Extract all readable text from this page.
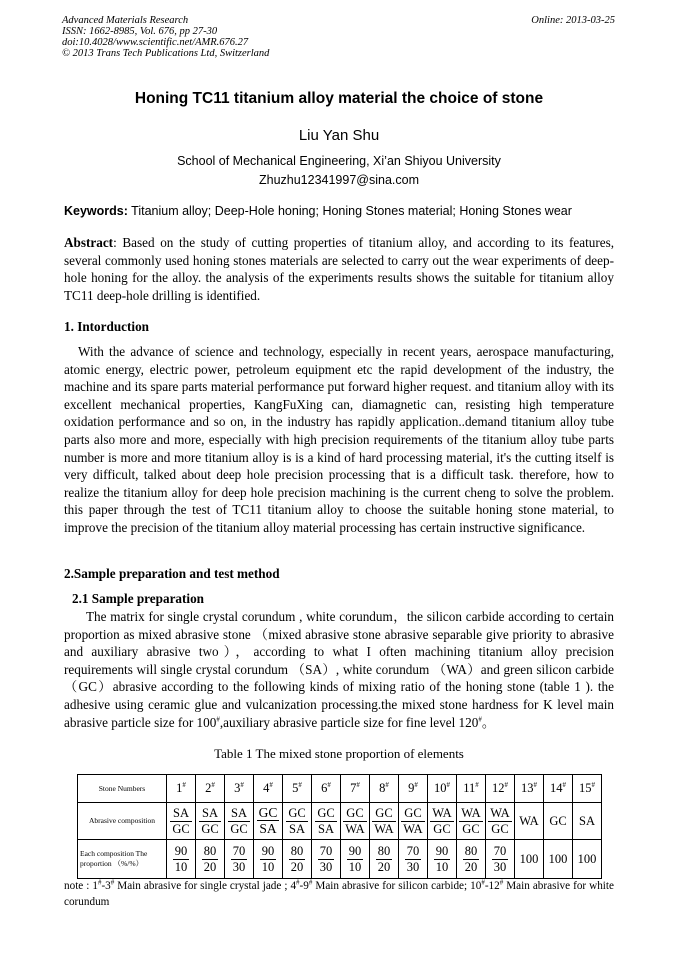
Advanced Materials Research
ISSN: 1662-8985, Vol. 676, pp 27-30
doi:10.4028/www.scientific.net/AMR.676.27
© 2013 Trans Tech Publications Ltd, Switzerland
Online: 2013-03-25
Honing TC11 titanium alloy material the choice of stone
Liu Yan Shu
School of Mechanical Engineering, Xi’an Shiyou University
Zhuzhu12341997@sina.com
Keywords: Titanium alloy; Deep-Hole honing; Honing Stones material; Honing Stones wear
Abstract: Based on the study of cutting properties of titanium alloy, and according to its features, several commonly used honing stones materials are selected to carry out the wear experiments of deep-hole honing for the alloy. the analysis of the experiments results shows the suitable for titanium alloy TC11 deep-hole drilling is identified.
1. Intorduction
With the advance of science and technology, especially in recent years, aerospace manufacturing, atomic energy, electric power, petroleum equipment etc the rapid development of the industry, the machine and its spare parts material performance put forward higher request. and titanium alloy with its excellent mechanical properties, KangFuXing can, diamagnetic can, resisting high temperature oxidation performance and so on, in the industry has rapidly application..demand titanium alloy tube parts also more and more, especially with high precision requirements of the titanium alloy tube parts number is more and more titanium alloy is is a kind of hard processing material, it's the cutting itself is very difficult, talked about deep hole precision processing that is a difficult task. therefore, how to realize the titanium alloy for deep hole precision machining is the current cheng to solve the problem. this paper through the test of TC11 titanium alloy to choose the suitable honing stone material, to improve the precision of the titanium alloy material processing has certain instructive significance.
2.Sample preparation and test method
2.1 Sample preparation
The matrix for single crystal corundum , white corundum，the silicon carbide according to certain proportion as mixed abrasive stone （mixed abrasive stone abrasive separable give priority to abrasive and auxiliary abrasive two），according to what I often machining titanium alloy precision requirements will single crystal corundum （SA）, white corundum （WA）and green silicon carbide（GC）abrasive according to the following kinds of mixing ratio of the honing stone (table 1 ). the adhesive using ceramic glue and vulcanization processing.the mixed stone hardness for K level main abrasive particle size for 100#,auxiliary abrasive particle size for fine level 120#。
Table 1 The mixed stone proportion of elements
Stone Numbers	1#	2#	3#	4#	5#	6#	7#	8#	9#	10#	11#	12#	13#	14#	15#
Abrasive composition	$\frac{SA}{GC}$	$\frac{SA}{GC}$	$\frac{SA}{GC}$	$\frac{GC}{SA}$	$\frac{GC}{SA}$	$\frac{GC}{SA}$	$\frac{GC}{WA}$	$\frac{GC}{WA}$	$\frac{GC}{WA}$	$\frac{WA}{GC}$	$\frac{WA}{GC}$	$\frac{WA}{GC}$	WA	GC	SA
Each composition The
proportion （%/%）	$\frac{90}{10}$	$\frac{80}{20}$	$\frac{70}{30}$	$\frac{90}{10}$	$\frac{80}{20}$	$\frac{70}{30}$	$\frac{90}{10}$	$\frac{80}{20}$	$\frac{70}{30}$	$\frac{90}{10}$	$\frac{80}{20}$	$\frac{70}{30}$	100	100	100
note : 1#-3# Main abrasive for single crystal jade ; 4#-9# Main abrasive for silicon carbide; 10#-12# Main abrasive for white corundum
